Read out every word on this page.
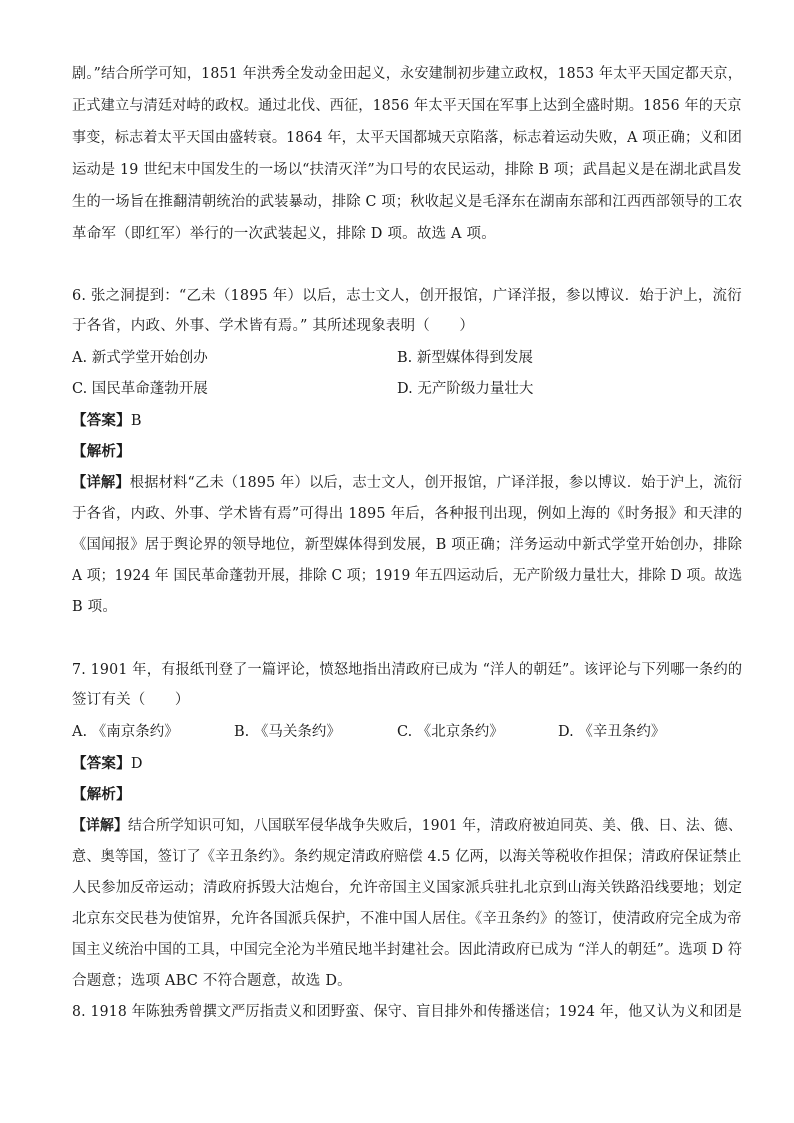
剧。”结合所学可知，1851 年洪秀全发动金田起义，永安建制初步建立政权，1853 年太平天国定都天京，
正式建立与清廷对峙的政权。通过北伐、西征，1856 年太平天国在军事上达到全盛时期。1856 年的天京
事变，标志着太平天国由盛转衰。1864 年，太平天国都城天京陷落，标志着运动失败，A 项正确；义和团
运动是 19 世纪末中国发生的一场以“扶清灭洋”为口号的农民运动，排除 B 项；武昌起义是在湖北武昌发
生的一场旨在推翻清朝统治的武装暴动，排除 C 项；秋收起义是毛泽东在湖南东部和江西西部领导的工农
革命军（即红军）举行的一次武装起义，排除 D 项。故选 A 项。
6. 张之洞提到：“乙未（1895 年）以后，志士文人，创开报馆，广译洋报，参以博议．始于沪上，流衍
于各省，内政、外事、学术皆有焉。” 其所述现象表明（　　）
A. 新式学堂开始创办	B. 新型媒体得到发展
C. 国民革命蓬勃开展	D. 无产阶级力量壮大
【答案】B
【解析】
【详解】根据材料“乙未（1895 年）以后，志士文人，创开报馆，广译洋报，参以博议．始于沪上，流衍
于各省，内政、外事、学术皆有焉”可得出 1895 年后，各种报刊出现，例如上海的《时务报》和天津的
《国闻报》居于舆论界的领导地位，新型媒体得到发展，B 项正确；洋务运动中新式学堂开始创办，排除
A 项；1924 年 国民革命蓬勃开展，排除 C 项；1919 年五四运动后，无产阶级力量壮大，排除 D 项。故选
B 项。
7. 1901 年，有报纸刊登了一篇评论，愤怒地指出清政府已成为 “洋人的朝廷”。该评论与下列哪一条约的
签订有关（　　）
A. 《南京条约》	B. 《马关条约》	C. 《北京条约》	D. 《辛丑条约》
【答案】D
【解析】
【详解】结合所学知识可知，八国联军侵华战争失败后，1901 年，清政府被迫同英、美、俄、日、法、德、
意、奥等国，签订了《辛丑条约》。条约规定清政府赔偿 4.5 亿两，以海关等税收作担保；清政府保证禁止
人民参加反帝运动；清政府拆毁大沽炮台，允许帝国主义国家派兵驻扎北京到山海关铁路沿线要地；划定
北京东交民巷为使馆界，允许各国派兵保护，不准中国人居住。《辛丑条约》的签订，使清政府完全成为帝
国主义统治中国的工具，中国完全沦为半殖民地半封建社会。因此清政府已成为 “洋人的朝廷”。选项 D 符
合题意；选项 ABC 不符合题意，故选 D。
8. 1918 年陈独秀曾撰文严厉指责义和团野蛮、保守、盲目排外和传播迷信；1924 年，他又认为义和团是
